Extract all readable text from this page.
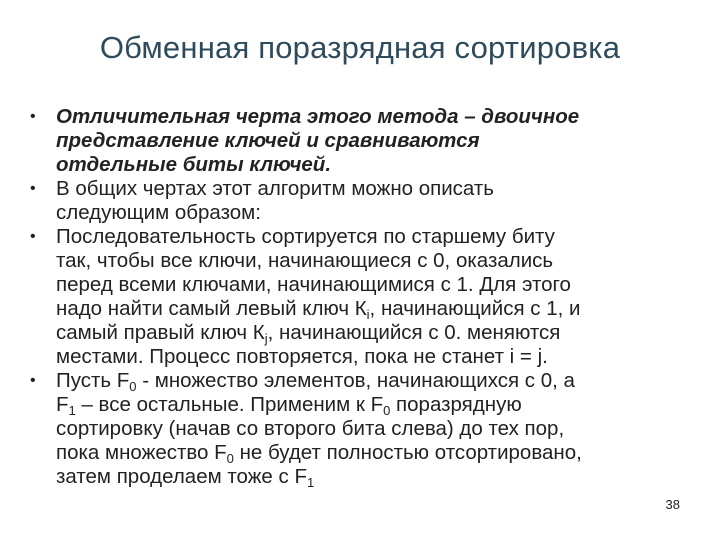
Обменная поразрядная сортировка
• Отличительная черта этого метода – двоичное
представление ключей и сравниваются
отдельные биты ключей.
• В общих чертах этот алгоритм можно описать
следующим образом:
• Последовательность сортируется по старшему биту
так, чтобы все ключи, начинающиеся с 0, оказались
перед всеми ключами, начинающимися с 1. Для этого
надо найти самый левый ключ $К_i$, начинающийся с 1, и
самый правый ключ $К_j$, начинающийся с 0. меняются
местами. Процесс повторяется, пока не станет i = j.
• Пусть $F_0$ - множество элементов, начинающихся с 0, а
$F_1$ – все остальные. Применим к $F_0$ поразрядную
сортировку (начав со второго бита слева) до тех пор,
пока множество $F_0$ не будет полностью отсортировано,
затем проделаем тоже с $F_1$
38
